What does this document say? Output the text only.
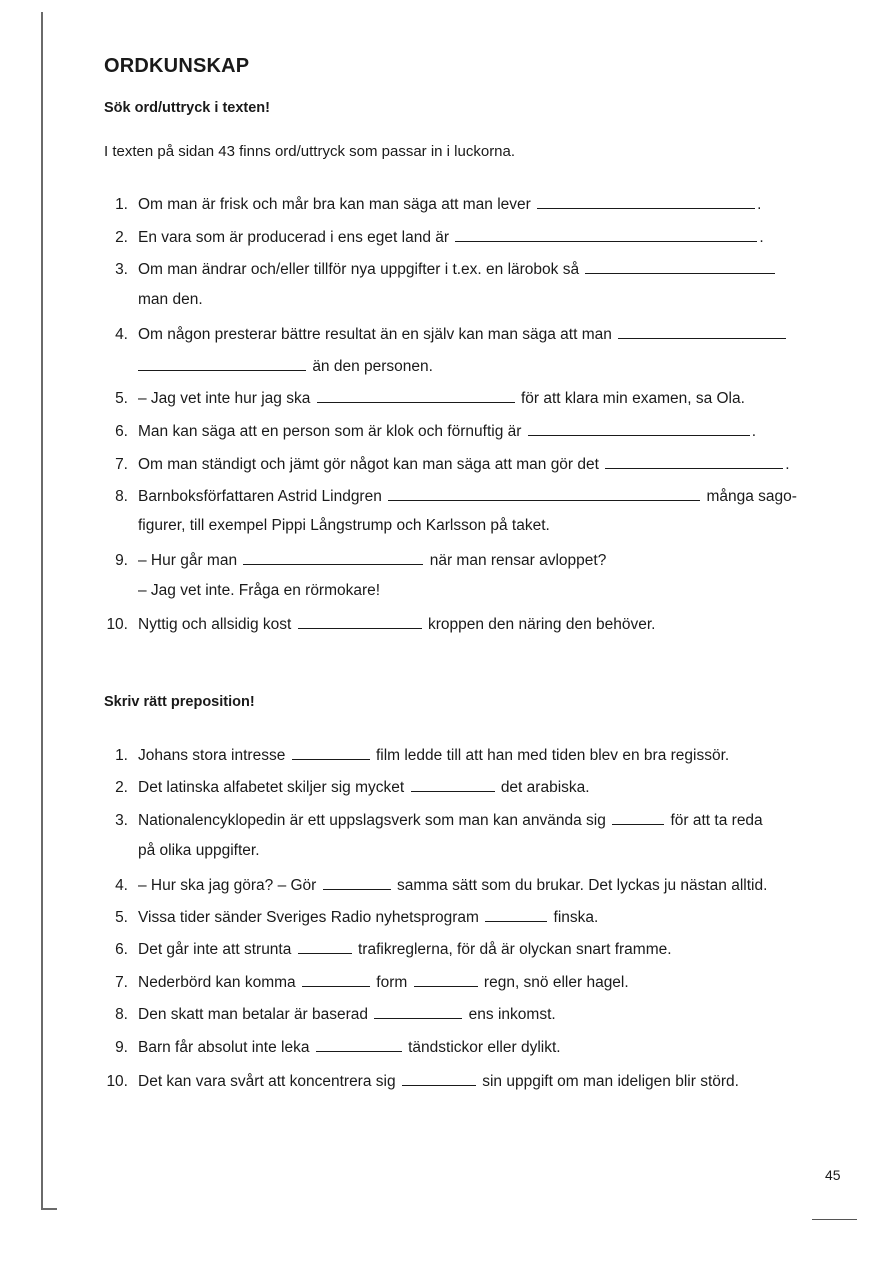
ORDKUNSKAP
Sök ord/uttryck i texten!

I texten på sidan 43 finns ord/uttryck som passar in i luckorna.

1. Om man är frisk och mår bra kan man säga att man lever	.
2. En vara som är producerad i ens eget land är	.
3. Om man ändrar och/eller tillför nya uppgifter i t.ex. en lärobok så
man den.
4. Om någon presterar bättre resultat än en själv kan man säga att man
än den personen.
5. – Jag vet inte hur jag ska	för att klara min examen, sa Ola.
6. Man kan säga att en person som är klok och förnuftig är	.
7. Om man ständigt och jämt gör något kan man säga att man gör det	.
8. Barnboksförfattaren Astrid Lindgren	många sago-
figurer, till exempel Pippi Långstrump och Karlsson på taket.
9. – Hur går man	när man rensar avloppet?
– Jag vet inte. Fråga en rörmokare!
10. Nyttig och allsidig kost	kroppen den näring den behöver.
Skriv rätt preposition!
1. Johans stora intresse	film ledde till att han med tiden blev en bra regissör.
2. Det latinska alfabetet skiljer sig mycket	det arabiska.
3. Nationalencyklopedin är ett uppslagsverk som man kan använda sig	för att ta reda
på olika uppgifter.
4. – Hur ska jag göra? – Gör	samma sätt som du brukar. Det lyckas ju nästan alltid.
5. Vissa tider sänder Sveriges Radio nyhetsprogram	finska.
6. Det går inte att strunta	trafikreglerna, för då är olyckan snart framme.
7. Nederbörd kan komma	form	regn, snö eller hagel.
8. Den skatt man betalar är baserad	ens inkomst.
9. Barn får absolut inte leka	tändstickor eller dylikt.
10. Det kan vara svårt att koncentrera sig	sin uppgift om man ideligen blir störd.
45
